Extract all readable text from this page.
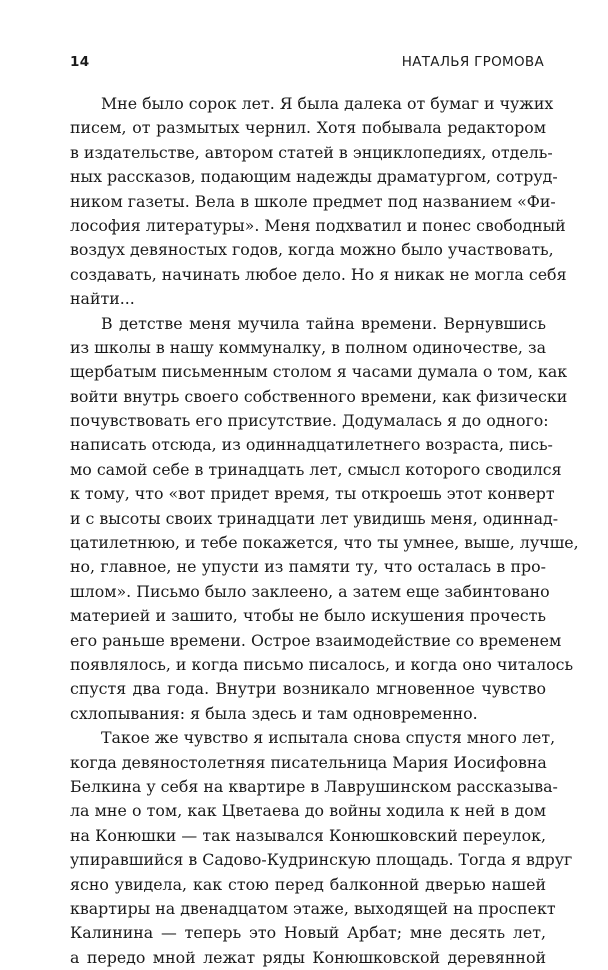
14	НАТАЛЬЯ ГРОМОВА
Мне было сорок лет. Я была далека от бумаг и чужих
писем, от размытых чернил. Хотя побывала редактором
в издательстве, автором статей в энциклопедиях, отдель-
ных рассказов, подающим надежды драматургом, сотруд-
ником газеты. Вела в школе предмет под названием «Фи-
лософия литературы». Меня подхватил и понес свободный
воздух девяностых годов, когда можно было участвовать,
создавать, начинать любое дело. Но я никак не могла себя
найти...
В детстве меня мучила тайна времени. Вернувшись
из школы в нашу коммуналку, в полном одиночестве, за
щербатым письменным столом я часами думала о том, как
войти внутрь своего собственного времени, как физически
почувствовать его присутствие. Додумалась я до одного:
написать отсюда, из одиннадцатилетнего возраста, пись-
мо самой себе в тринадцать лет, смысл которого сводился
к тому, что «вот придет время, ты откроешь этот конверт
и с высоты своих тринадцати лет увидишь меня, одиннад-
цатилетнюю, и тебе покажется, что ты умнее, выше, лучше,
но, главное, не упусти из памяти ту, что осталась в про-
шлом». Письмо было заклеено, а затем еще забинтовано
материей и зашито, чтобы не было искушения прочесть
его раньше времени. Острое взаимодействие со временем
появлялось, и когда письмо писалось, и когда оно читалось
спустя два года. Внутри возникало мгновенное чувство
схлопывания: я была здесь и там одновременно.
Такое же чувство я испытала снова спустя много лет,
когда девяностолетняя писательница Мария Иосифовна
Белкина у себя на квартире в Лаврушинском рассказыва-
ла мне о том, как Цветаева до войны ходила к ней в дом
на Конюшки — так назывался Конюшковский переулок,
упиравшийся в Садово-Кудринскую площадь. Тогда я вдруг
ясно увидела, как стою перед балконной дверью нашей
квартиры на двенадцатом этаже, выходящей на проспект
Калинина — теперь это Новый Арбат; мне десять лет,
а передо мной лежат ряды Конюшковской деревянной
